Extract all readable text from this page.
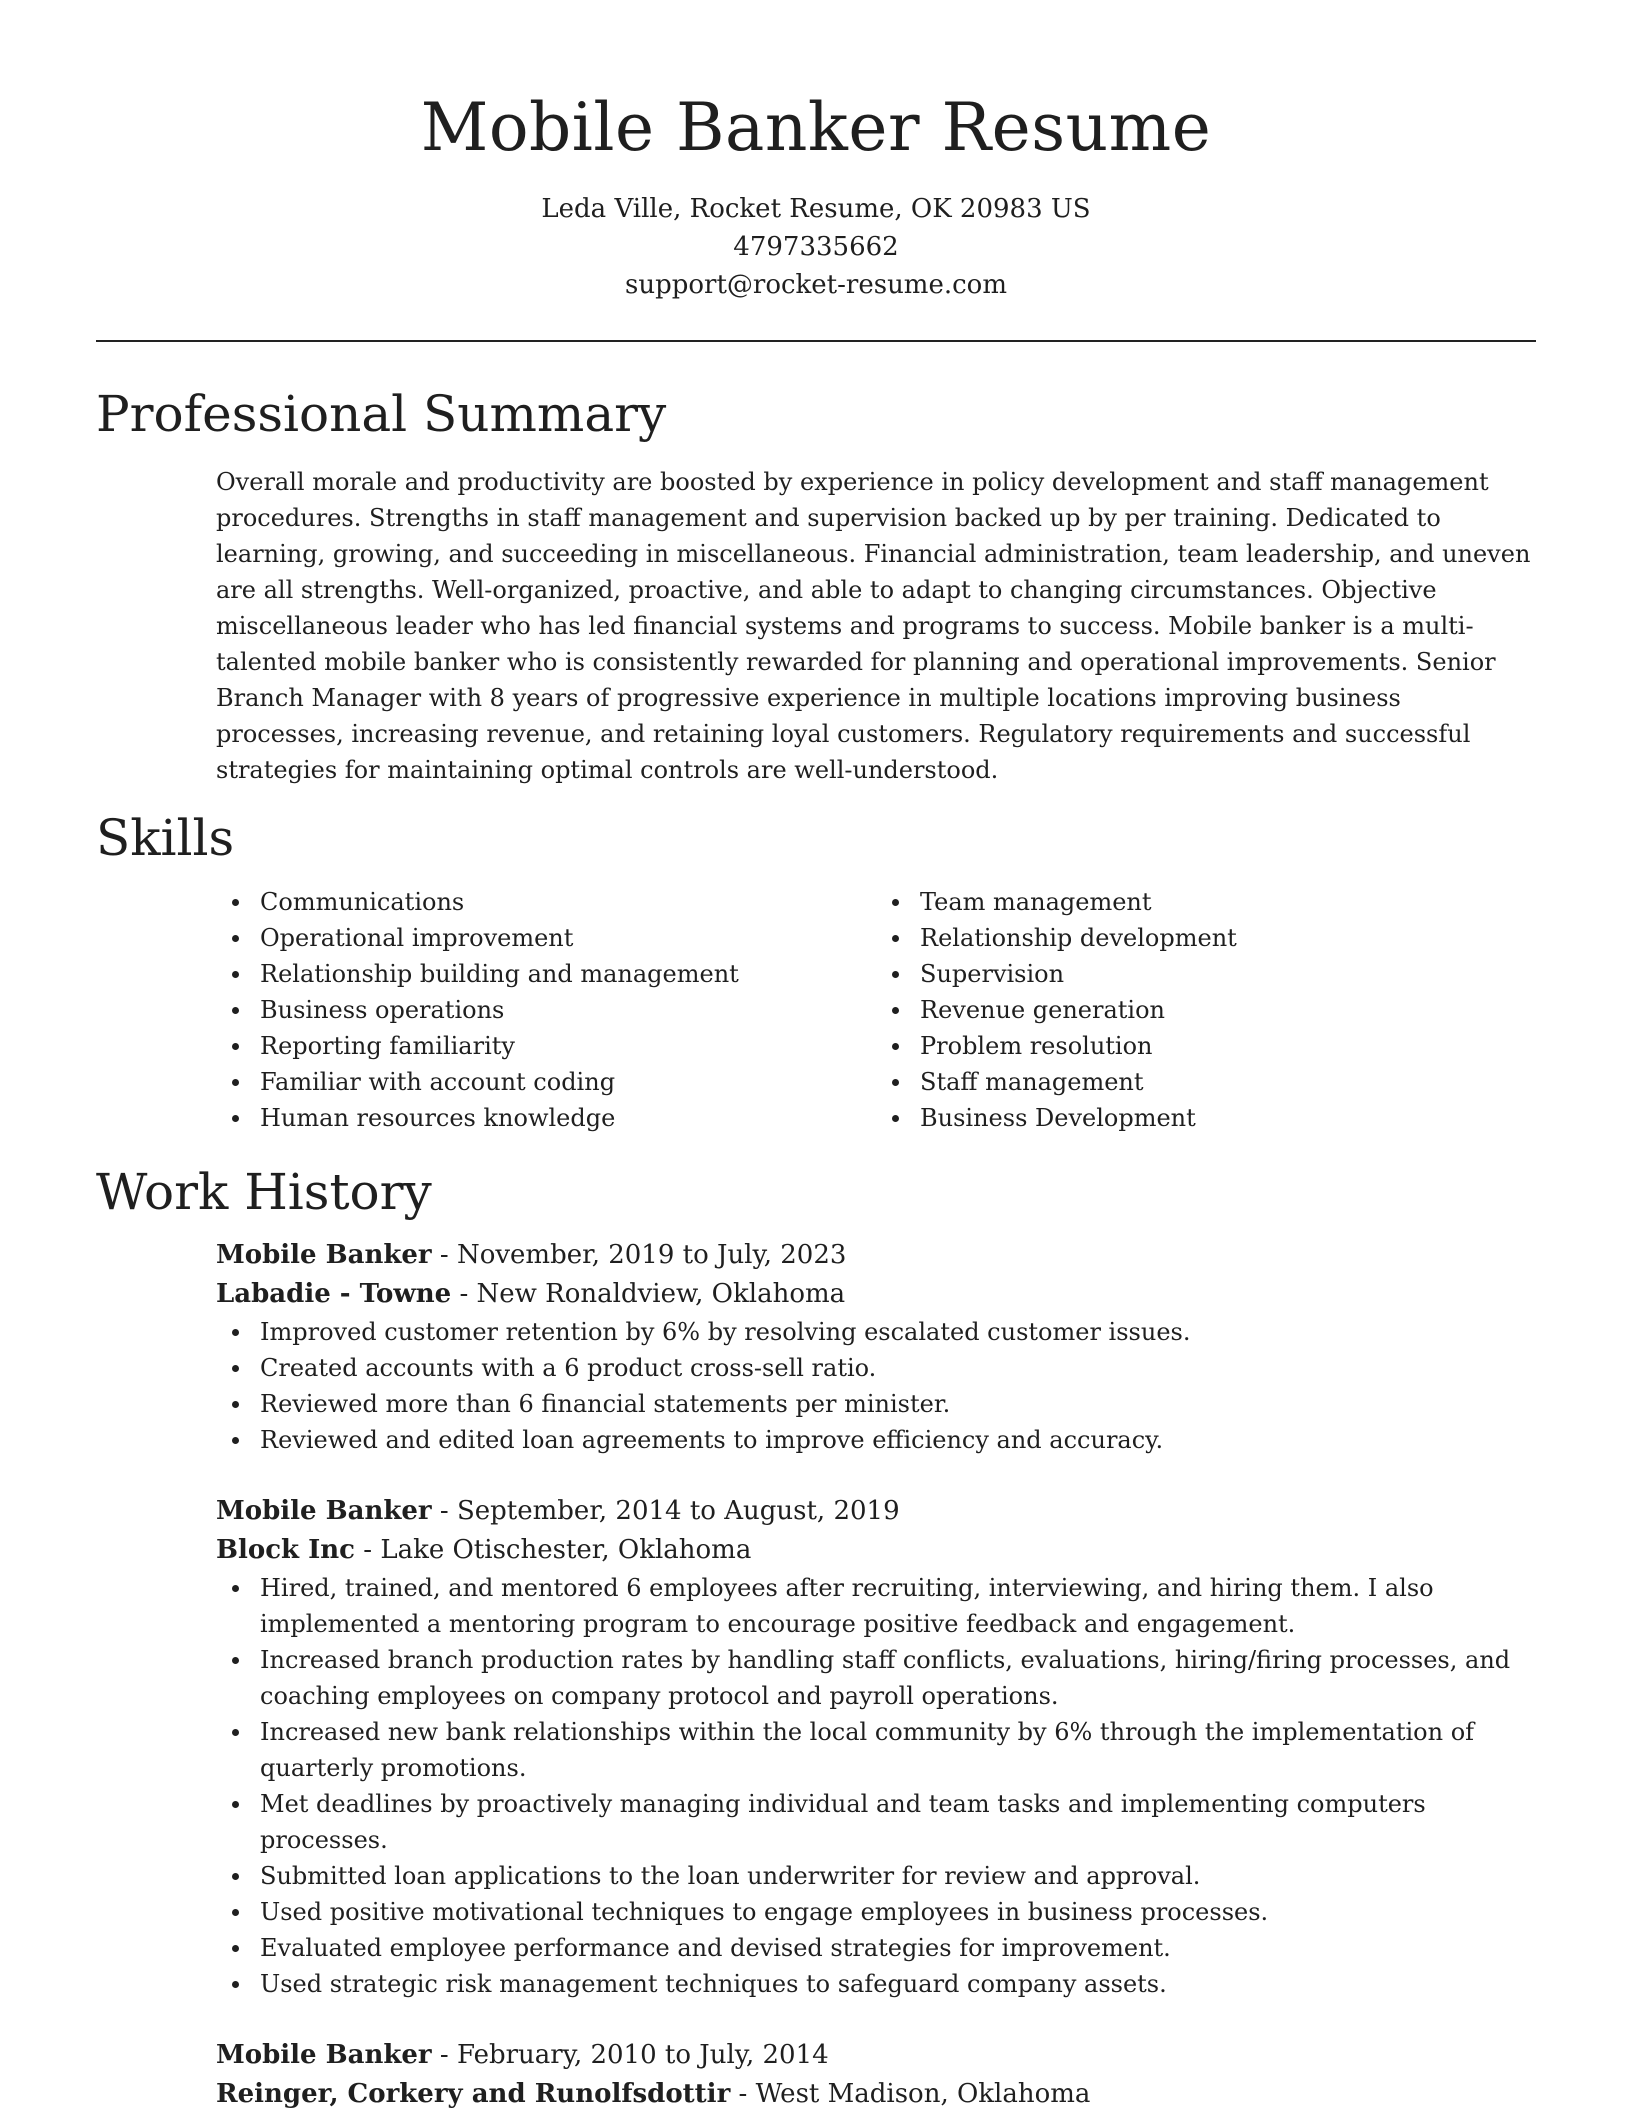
Mobile Banker Resume
Leda Ville, Rocket Resume, OK 20983 US
4797335662
support@rocket-resume.com
Professional Summary

Overall morale and productivity are boosted by experience in policy development and staff management procedures. Strengths in staff management and supervision backed up by per training. Dedicated to learning, growing, and succeeding in miscellaneous. Financial administration, team leadership, and uneven are all strengths. Well-organized, proactive, and able to adapt to changing circumstances. Objective miscellaneous leader who has led financial systems and programs to success. Mobile banker is a multi-talented mobile banker who is consistently rewarded for planning and operational improvements. Senior Branch Manager with 8 years of progressive experience in multiple locations improving business processes, increasing revenue, and retaining loyal customers. Regulatory requirements and successful strategies for maintaining optimal controls are well-understood.

Skills
Communications
Operational improvement
Relationship building and management
Business operations
Reporting familiarity
Familiar with account coding
Human resources knowledge
Team management
Relationship development
Supervision
Revenue generation
Problem resolution
Staff management
Business Development
Work History
Mobile Banker - November, 2019 to July, 2023
Labadie - Towne - New Ronaldview, Oklahoma
Improved customer retention by 6% by resolving escalated customer issues.
Created accounts with a 6 product cross-sell ratio.
Reviewed more than 6 financial statements per minister.
Reviewed and edited loan agreements to improve efficiency and accuracy.
Mobile Banker - September, 2014 to August, 2019
Block Inc - Lake Otischester, Oklahoma
Hired, trained, and mentored 6 employees after recruiting, interviewing, and hiring them. I also implemented a mentoring program to encourage positive feedback and engagement.
Increased branch production rates by handling staff conflicts, evaluations, hiring/firing processes, and coaching employees on company protocol and payroll operations.
Increased new bank relationships within the local community by 6% through the implementation of quarterly promotions.
Met deadlines by proactively managing individual and team tasks and implementing computers processes.
Submitted loan applications to the loan underwriter for review and approval.
Used positive motivational techniques to engage employees in business processes.
Evaluated employee performance and devised strategies for improvement.
Used strategic risk management techniques to safeguard company assets.
Mobile Banker - February, 2010 to July, 2014
Reinger, Corkery and Runolfsdottir - West Madison, Oklahoma
